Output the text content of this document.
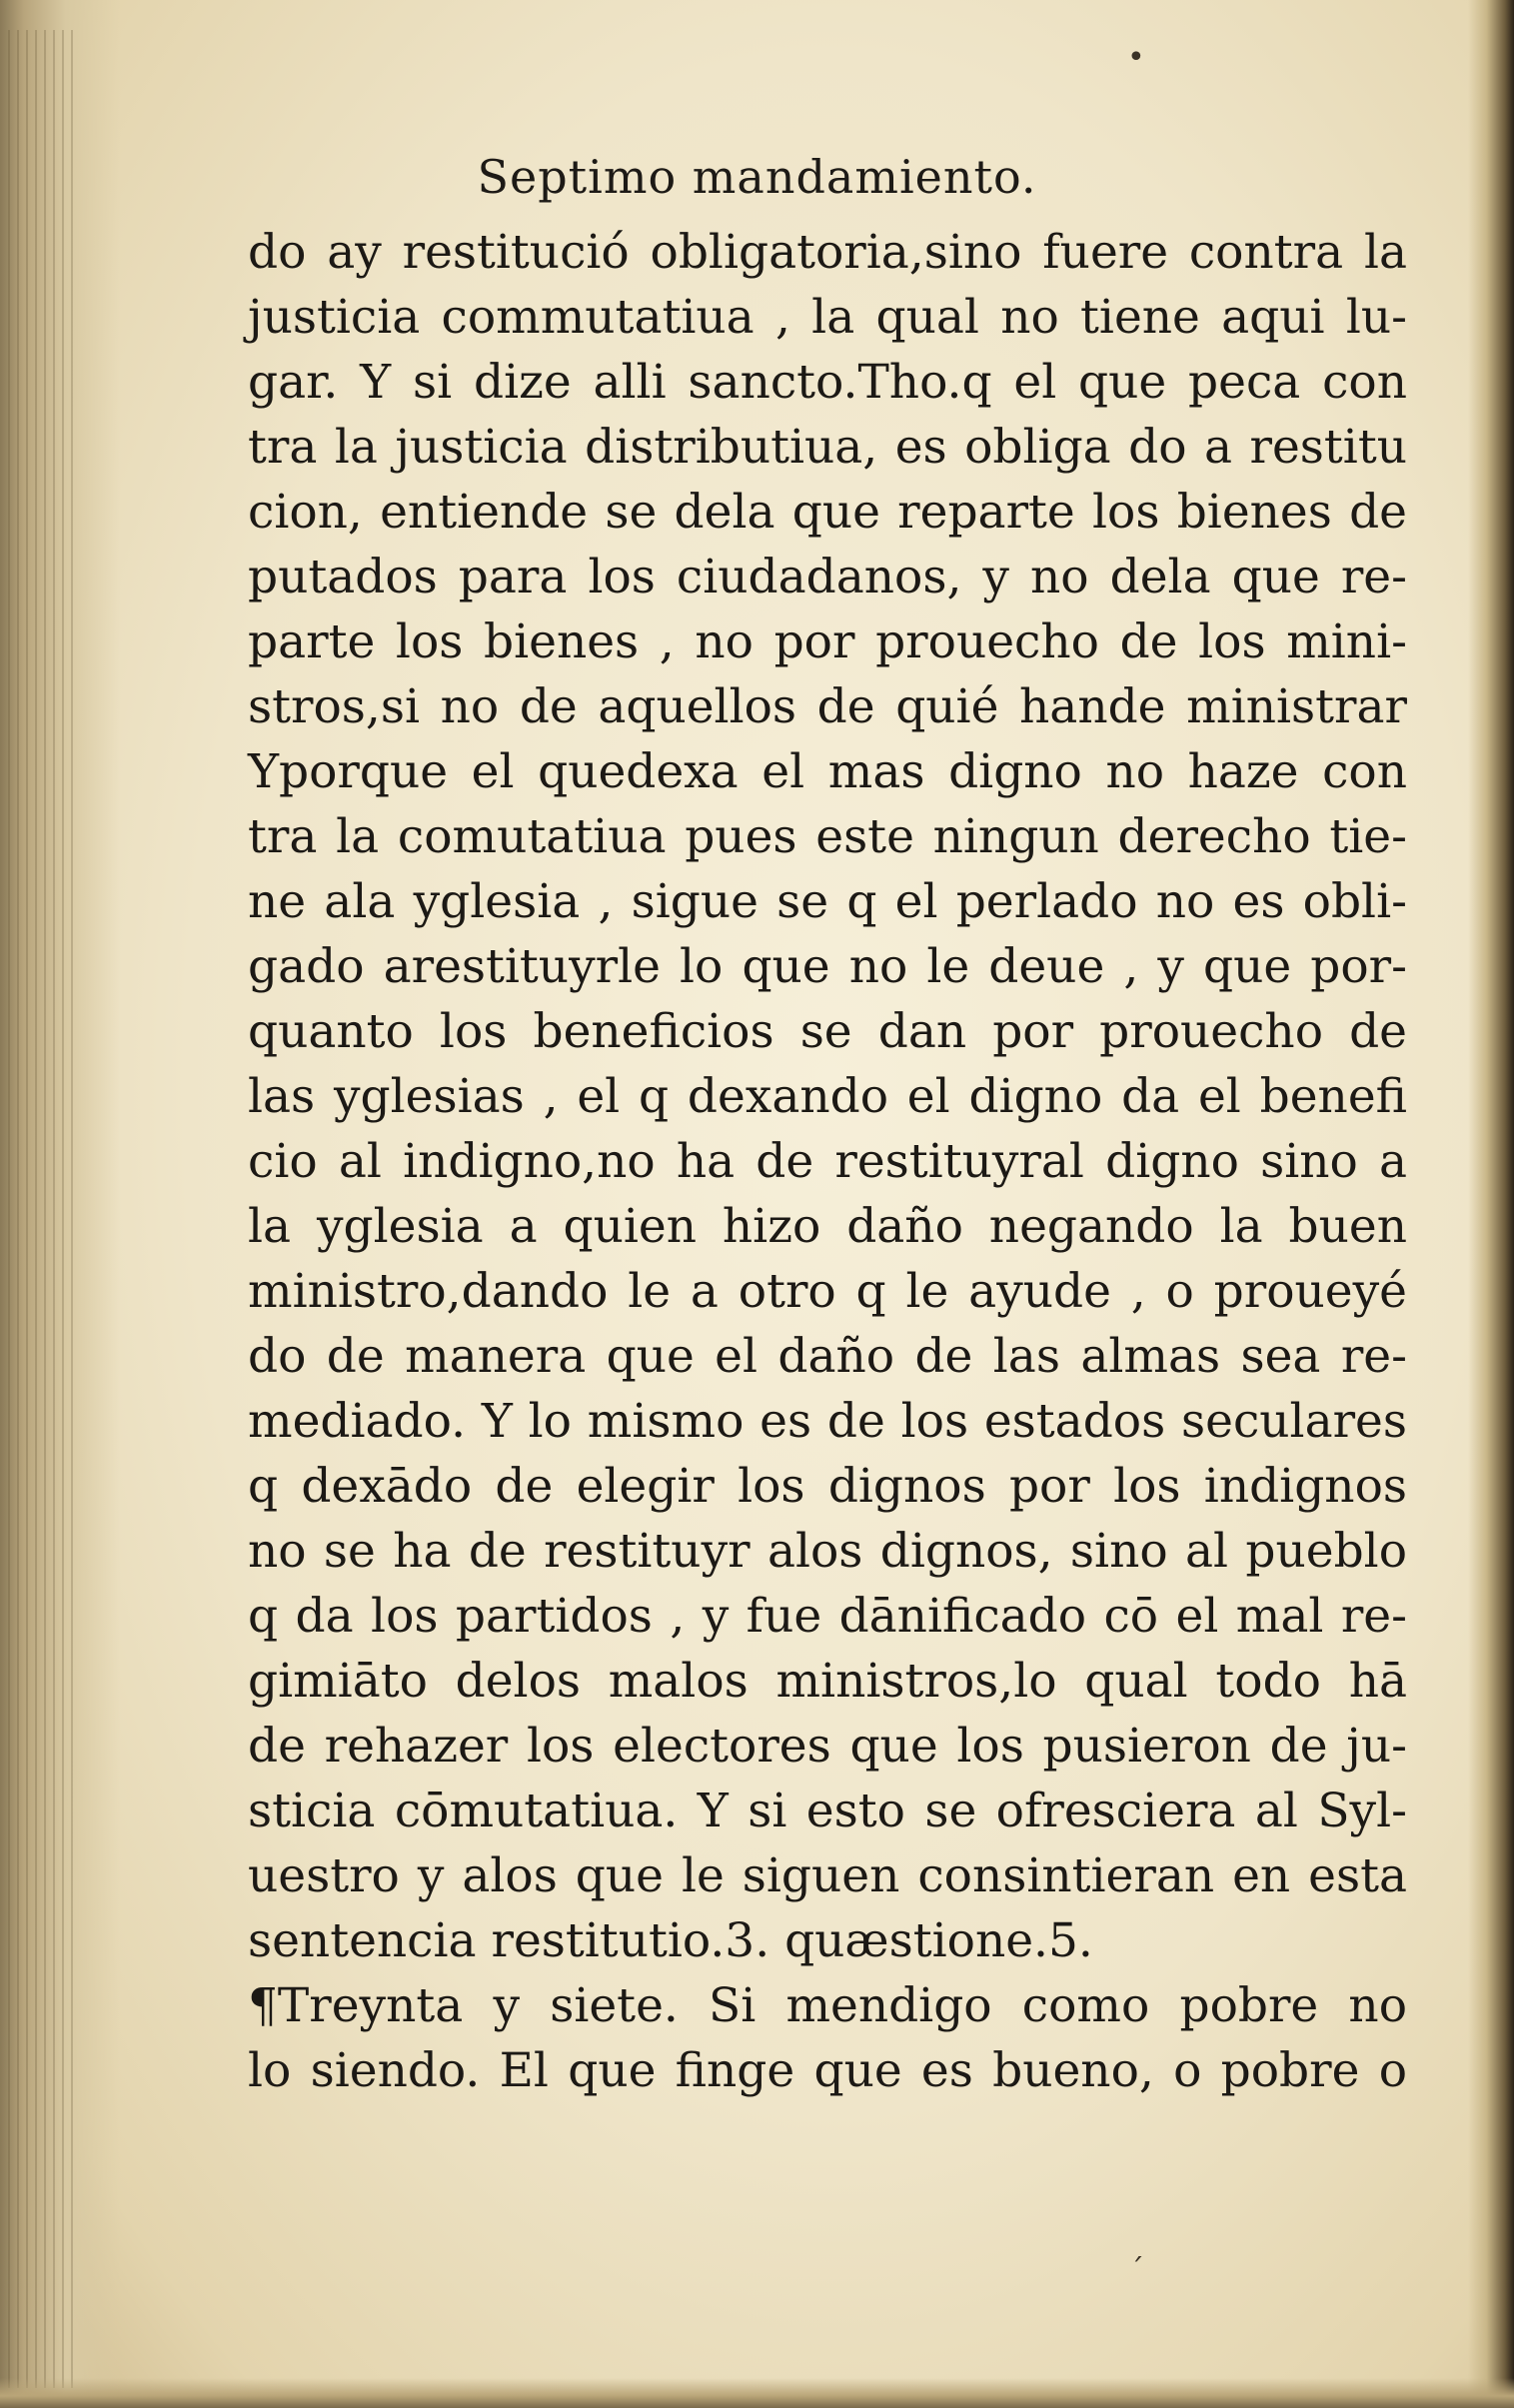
Septimo mandamiento.
do ay restitució obligatoria,sino fuere contra la
justicia commutatiua , la qual no tiene aqui lu-
gar. Y si dize alli sancto.Tho.q el que peca con
tra la justicia distributiua, es obliga do a restitu
cion, entiende se dela que reparte los bienes de
putados para los ciudadanos, y no dela que re-
parte los bienes , no por prouecho de los mini-
stros,si no de aquellos de quié hande ministrar
Yporque el quedexa el mas digno no haze con
tra la comutatiua pues este ningun derecho tie-
ne ala yglesia , sigue se q el perlado no es obli-
gado arestituyrle lo que no le deue , y que por-
quanto los beneficios se dan por prouecho de
las yglesias , el q dexando el digno da el benefi
cio al indigno,no ha de restituyral digno sino a
la yglesia a quien hizo daño negando la buen
ministro,dando le a otro q le ayude , o proueyé
do de manera que el daño de las almas sea re-
mediado. Y lo mismo es de los estados seculares
q dexādo de elegir los dignos por los indignos
no se ha de restituyr alos dignos, sino al pueblo
q da los partidos , y fue dānificado cō el mal re-
gimiāto delos malos ministros,lo qual todo hā
de rehazer los electores que los pusieron de ju-
sticia cōmutatiua. Y si esto se ofresciera al Syl-
uestro y alos que le siguen consintieran en esta
sentencia restitutio.3. quæstione.5.
¶Treynta y siete. Si mendigo como pobre no
lo siendo. El que finge que es bueno, o pobre o
•
ˊ
